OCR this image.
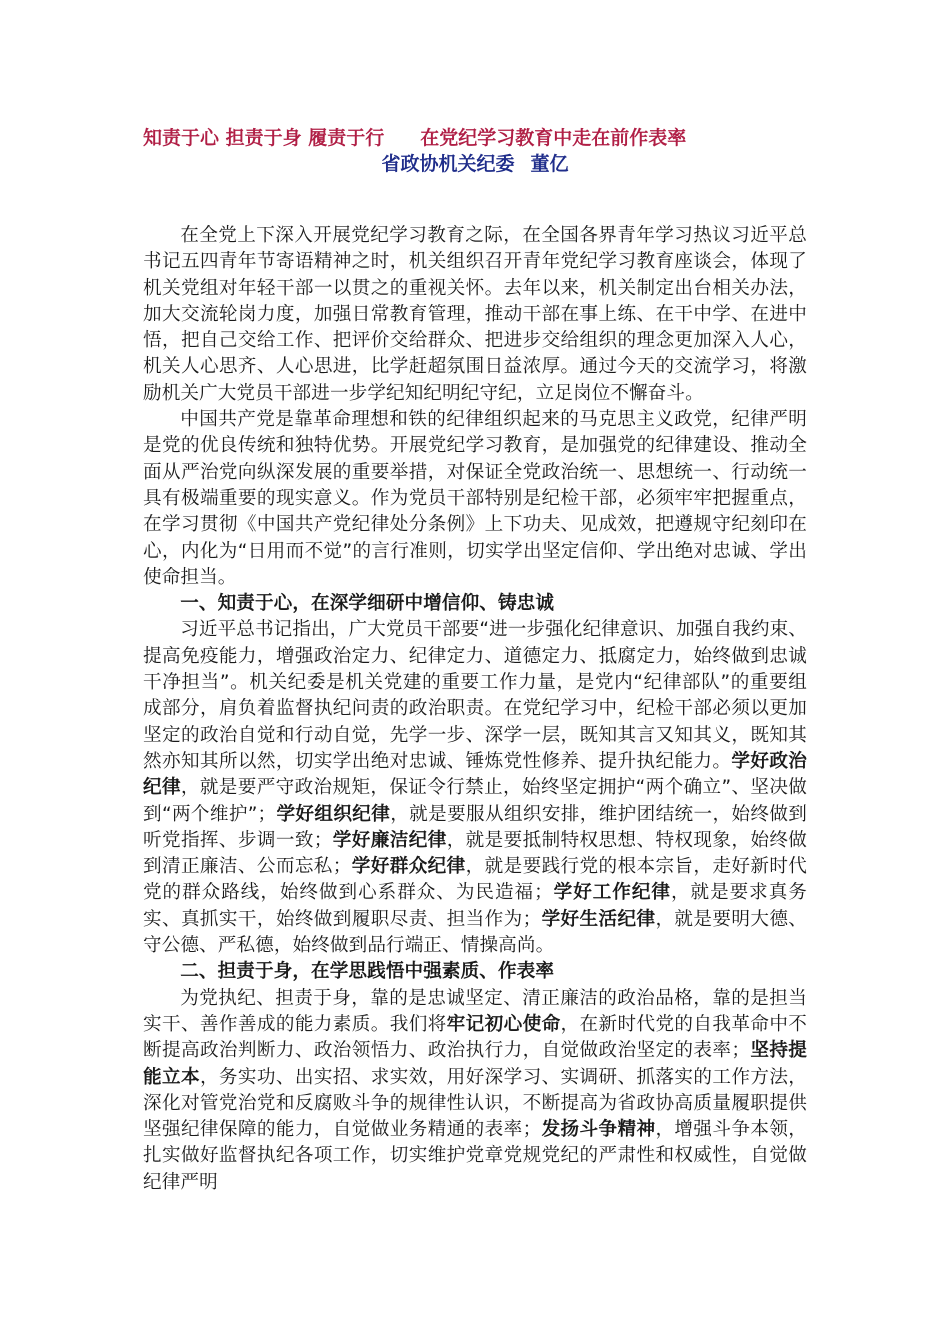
知责于心 担责于身 履责于行 在党纪学习教育中走在前作表率
省政协机关纪委 董亿

在全党上下深入开展党纪学习教育之际，在全国各界青年学习热议习近平总书记五四青年节寄语精神之时，机关组织召开青年党纪学习教育座谈会，体现了机关党组对年轻干部一以贯之的重视关怀。去年以来，机关制定出台相关办法，加大交流轮岗力度，加强日常教育管理，推动干部在事上练、在干中学、在进中悟，把自己交给工作、把评价交给群众、把进步交给组织的理念更加深入人心，机关人心思齐、人心思进，比学赶超氛围日益浓厚。通过今天的交流学习，将激励机关广大党员干部进一步学纪知纪明纪守纪，立足岗位不懈奋斗。

中国共产党是靠革命理想和铁的纪律组织起来的马克思主义政党，纪律严明是党的优良传统和独特优势。开展党纪学习教育，是加强党的纪律建设、推动全面从严治党向纵深发展的重要举措，对保证全党政治统一、思想统一、行动统一具有极端重要的现实意义。作为党员干部特别是纪检干部，必须牢牢把握重点，在学习贯彻《中国共产党纪律处分条例》上下功夫、见成效，把遵规守纪刻印在心，内化为“日用而不觉”的言行准则，切实学出坚定信仰、学出绝对忠诚、学出使命担当。

一、知责于心，在深学细研中增信仰、铸忠诚

习近平总书记指出，广大党员干部要“进一步强化纪律意识、加强自我约束、提高免疫能力，增强政治定力、纪律定力、道德定力、抵腐定力，始终做到忠诚干净担当”。机关纪委是机关党建的重要工作力量，是党内“纪律部队”的重要组成部分，肩负着监督执纪问责的政治职责。在党纪学习中，纪检干部必须以更加坚定的政治自觉和行动自觉，先学一步、深学一层，既知其言又知其义，既知其然亦知其所以然，切实学出绝对忠诚、锤炼党性修养、提升执纪能力。学好政治纪律，就是要严守政治规矩，保证令行禁止，始终坚定拥护“两个确立”、坚决做到“两个维护”；学好组织纪律，就是要服从组织安排，维护团结统一，始终做到听党指挥、步调一致；学好廉洁纪律，就是要抵制特权思想、特权现象，始终做到清正廉洁、公而忘私；学好群众纪律，就是要践行党的根本宗旨，走好新时代党的群众路线，始终做到心系群众、为民造福；学好工作纪律，就是要求真务实、真抓实干，始终做到履职尽责、担当作为；学好生活纪律，就是要明大德、守公德、严私德，始终做到品行端正、情操高尚。

二、担责于身，在学思践悟中强素质、作表率

为党执纪、担责于身，靠的是忠诚坚定、清正廉洁的政治品格，靠的是担当实干、善作善成的能力素质。我们将牢记初心使命，在新时代党的自我革命中不断提高政治判断力、政治领悟力、政治执行力，自觉做政治坚定的表率；坚持提能立本，务实功、出实招、求实效，用好深学习、实调研、抓落实的工作方法，深化对管党治党和反腐败斗争的规律性认识，不断提高为省政协高质量履职提供坚强纪律保障的能力，自觉做业务精通的表率；发扬斗争精神，增强斗争本领，扎实做好监督执纪各项工作，切实维护党章党规党纪的严肃性和权威性，自觉做纪律严明
